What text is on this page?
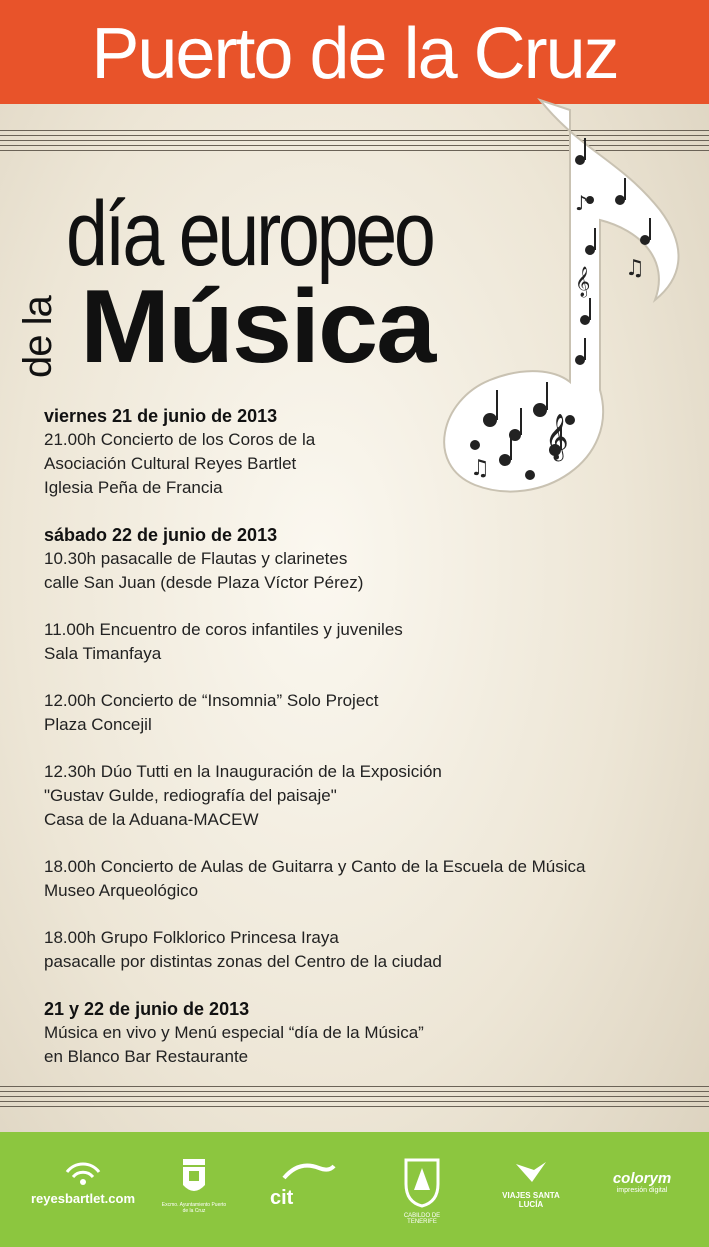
Puerto de la Cruz
𝄞
𝄞 ♫
♪
♫
día europeo
de la Música
viernes 21 de junio de 2013
21.00h Concierto de los Coros de la
Asociación Cultural Reyes Bartlet
Iglesia Peña de Francia
sábado 22 de junio de 2013
10.30h pasacalle de Flautas y clarinetes
calle San Juan (desde Plaza Víctor Pérez)
11.00h Encuentro de coros infantiles y juveniles
Sala Timanfaya
12.00h Concierto de “Insomnia” Solo Project
Plaza Concejil
12.30h Dúo Tutti en la Inauguración de la Exposición
"Gustav Gulde, rediografía del paisaje"
Casa de la Aduana-MACEW
18.00h Concierto de Aulas de Guitarra y Canto de la Escuela de Música
Museo Arqueológico
18.00h Grupo Folklorico Princesa Iraya
pasacalle por distintas zonas del Centro de la ciudad
21 y 22 de junio de 2013
Música en vivo y Menú especial “día de la Música”
en Blanco Bar Restaurante
reyesbartlet.com	Excmo. Ayuntamiento Puerto de la Cruz
cit
CABILDO DE TENERIFE
VIAJES SANTA LUCÍA
colorym
impresión digital
